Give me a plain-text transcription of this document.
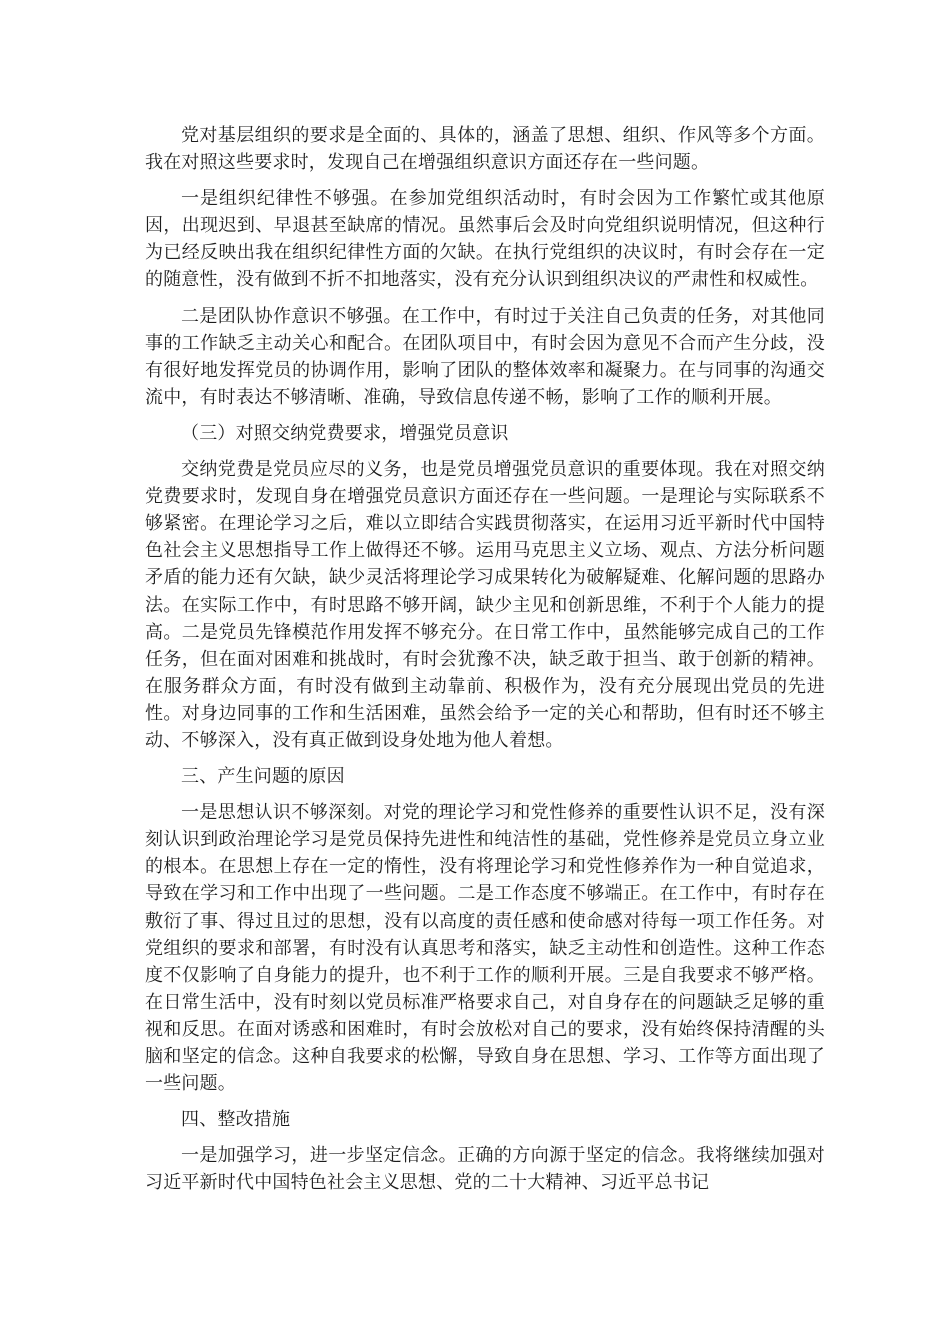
党对基层组织的要求是全面的、具体的，涵盖了思想、组织、作风等多个方面。我在对照这些要求时，发现自己在增强组织意识方面还存在一些问题。

一是组织纪律性不够强。在参加党组织活动时，有时会因为工作繁忙或其他原因，出现迟到、早退甚至缺席的情况。虽然事后会及时向党组织说明情况，但这种行为已经反映出我在组织纪律性方面的欠缺。在执行党组织的决议时，有时会存在一定的随意性，没有做到不折不扣地落实，没有充分认识到组织决议的严肃性和权威性。

二是团队协作意识不够强。在工作中，有时过于关注自己负责的任务，对其他同事的工作缺乏主动关心和配合。在团队项目中，有时会因为意见不合而产生分歧，没有很好地发挥党员的协调作用，影响了团队的整体效率和凝聚力。在与同事的沟通交流中，有时表达不够清晰、准确，导致信息传递不畅，影响了工作的顺利开展。

（三）对照交纳党费要求，增强党员意识

交纳党费是党员应尽的义务，也是党员增强党员意识的重要体现。我在对照交纳党费要求时，发现自身在增强党员意识方面还存在一些问题。一是理论与实际联系不够紧密。在理论学习之后，难以立即结合实践贯彻落实，在运用习近平新时代中国特色社会主义思想指导工作上做得还不够。运用马克思主义立场、观点、方法分析问题矛盾的能力还有欠缺，缺少灵活将理论学习成果转化为破解疑难、化解问题的思路办法。在实际工作中，有时思路不够开阔，缺少主见和创新思维，不利于个人能力的提高。二是党员先锋模范作用发挥不够充分。在日常工作中，虽然能够完成自己的工作任务，但在面对困难和挑战时，有时会犹豫不决，缺乏敢于担当、敢于创新的精神。在服务群众方面，有时没有做到主动靠前、积极作为，没有充分展现出党员的先进性。对身边同事的工作和生活困难，虽然会给予一定的关心和帮助，但有时还不够主动、不够深入，没有真正做到设身处地为他人着想。

三、产生问题的原因

一是思想认识不够深刻。对党的理论学习和党性修养的重要性认识不足，没有深刻认识到政治理论学习是党员保持先进性和纯洁性的基础，党性修养是党员立身立业的根本。在思想上存在一定的惰性，没有将理论学习和党性修养作为一种自觉追求，导致在学习和工作中出现了一些问题。二是工作态度不够端正。在工作中，有时存在敷衍了事、得过且过的思想，没有以高度的责任感和使命感对待每一项工作任务。对党组织的要求和部署，有时没有认真思考和落实，缺乏主动性和创造性。这种工作态度不仅影响了自身能力的提升，也不利于工作的顺利开展。三是自我要求不够严格。在日常生活中，没有时刻以党员标准严格要求自己，对自身存在的问题缺乏足够的重视和反思。在面对诱惑和困难时，有时会放松对自己的要求，没有始终保持清醒的头脑和坚定的信念。这种自我要求的松懈，导致自身在思想、学习、工作等方面出现了一些问题。

四、整改措施

一是加强学习，进一步坚定信念。正确的方向源于坚定的信念。我将继续加强对习近平新时代中国特色社会主义思想、党的二十大精神、习近平总书记
